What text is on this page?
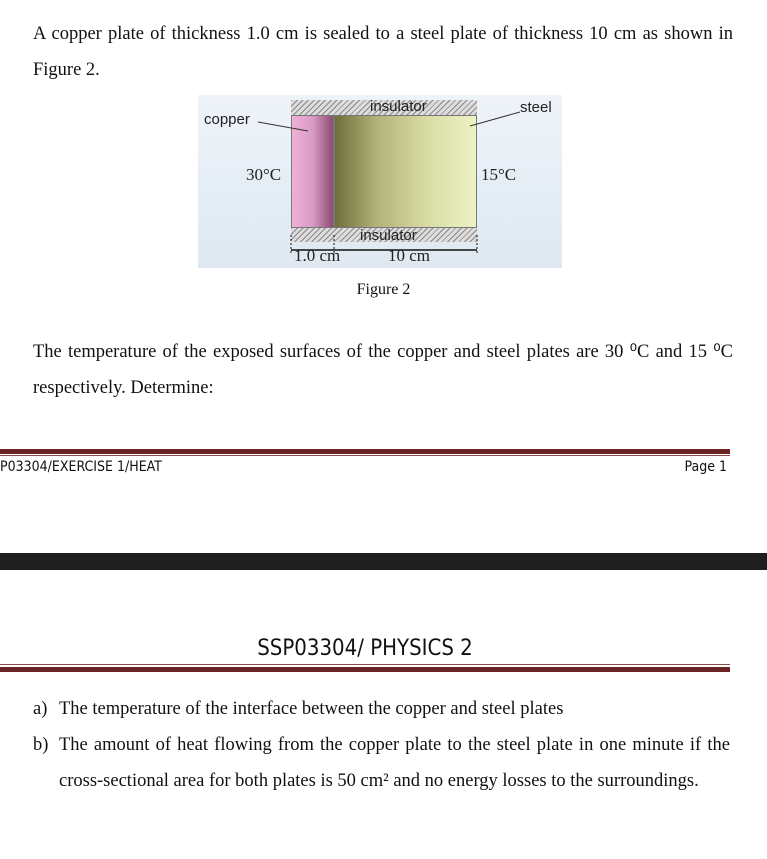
A copper plate of thickness 1.0 cm is sealed to a steel plate of thickness 10 cm as shown in Figure 2.

insulator
insulator
copper
steel
30°C	15°C
1.0 cm	10 cm
Figure 2

The temperature of the exposed surfaces of the copper and steel plates are 30 ⁰C and 15 ⁰C respectively. Determine:

P03304/EXERCISE 1/HEAT	Page 1
SSP03304/ PHYSICS 2
a) The temperature of the interface between the copper and steel plates
b) The amount of heat flowing from the copper plate to the steel plate in one minute if the cross-sectional area for both plates is 50 cm² and no energy losses to the surroundings.
